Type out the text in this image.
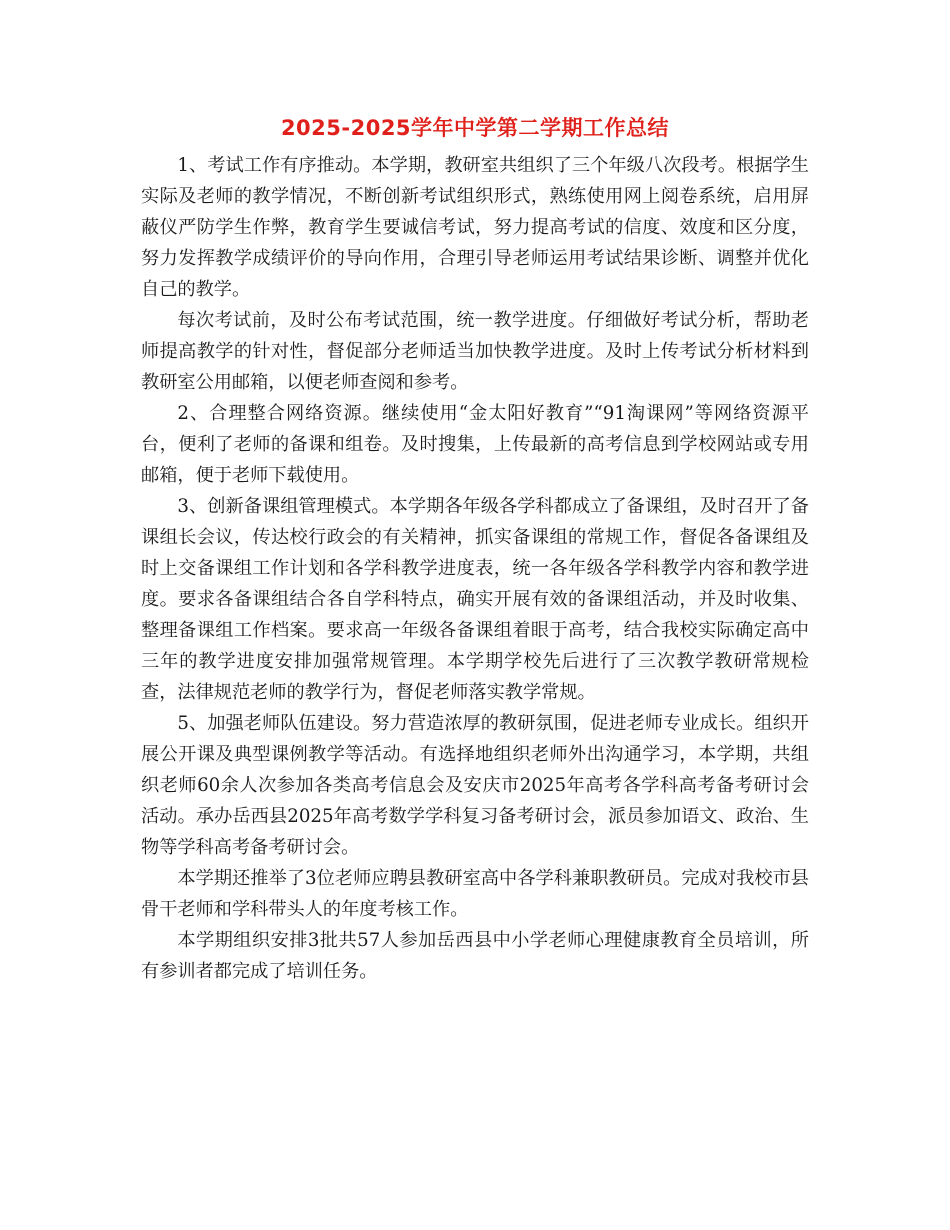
2025-2025学年中学第二学期工作总结

1、考试工作有序推动。本学期，教研室共组织了三个年级八次段考。根据学生实际及老师的教学情况，不断创新考试组织形式，熟练使用网上阅卷系统，启用屏蔽仪严防学生作弊，教育学生要诚信考试，努力提高考试的信度、效度和区分度，努力发挥教学成绩评价的导向作用，合理引导老师运用考试结果诊断、调整并优化自己的教学。

每次考试前，及时公布考试范围，统一教学进度。仔细做好考试分析，帮助老师提高教学的针对性，督促部分老师适当加快教学进度。及时上传考试分析材料到教研室公用邮箱，以便老师查阅和参考。

2、合理整合网络资源。继续使用“金太阳好教育”“91淘课网”等网络资源平台，便利了老师的备课和组卷。及时搜集，上传最新的高考信息到学校网站或专用邮箱，便于老师下载使用。

3、创新备课组管理模式。本学期各年级各学科都成立了备课组，及时召开了备课组长会议，传达校行政会的有关精神，抓实备课组的常规工作，督促各备课组及时上交备课组工作计划和各学科教学进度表，统一各年级各学科教学内容和教学进度。要求各备课组结合各自学科特点，确实开展有效的备课组活动，并及时收集、整理备课组工作档案。要求高一年级各备课组着眼于高考，结合我校实际确定高中三年的教学进度安排加强常规管理。本学期学校先后进行了三次教学教研常规检查，法律规范老师的教学行为，督促老师落实教学常规。

5、加强老师队伍建设。努力营造浓厚的教研氛围，促进老师专业成长。组织开展公开课及典型课例教学等活动。有选择地组织老师外出沟通学习，本学期，共组织老师60余人次参加各类高考信息会及安庆市2025年高考各学科高考备考研讨会活动。承办岳西县2025年高考数学学科复习备考研讨会，派员参加语文、政治、生物等学科高考备考研讨会。

本学期还推举了3位老师应聘县教研室高中各学科兼职教研员。完成对我校市县骨干老师和学科带头人的年度考核工作。

本学期组织安排3批共57人参加岳西县中小学老师心理健康教育全员培训，所有参训者都完成了培训任务。
